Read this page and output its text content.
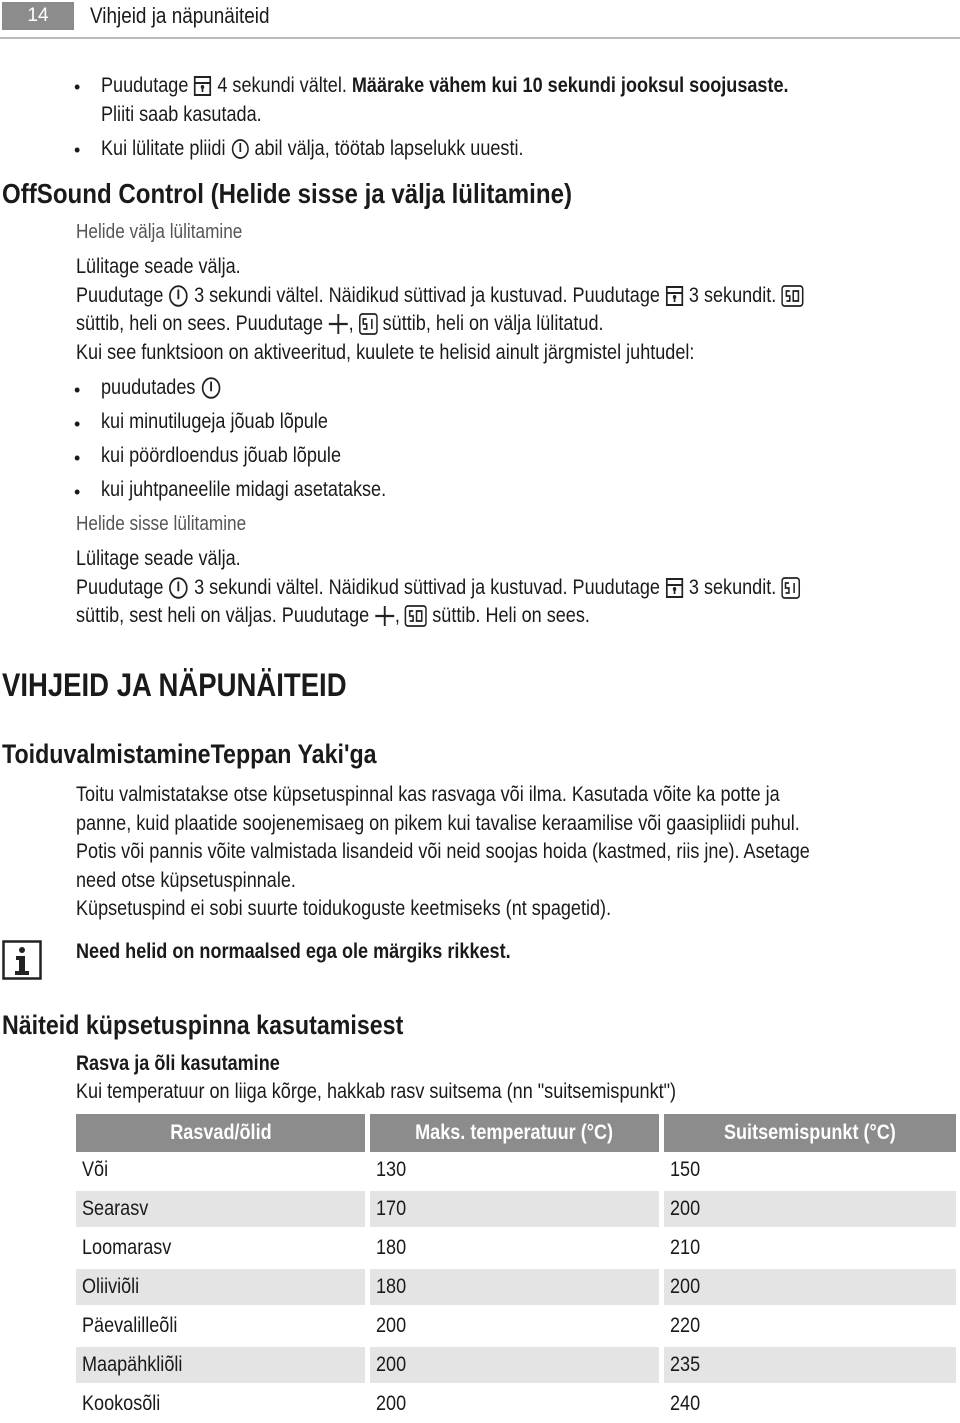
14	Vihjeid ja näpunäiteid
• Puudutage 4 sekundi vältel. Määrake vähem kui 10 sekundi jooksul soojusaste.
Pliiti saab kasutada.
• Kui lülitate pliidi abil välja, töötab lapselukk uuesti.
OffSound Control (Helide sisse ja välja lülitamine)
Helide välja lülitamine
Lülitage seade välja.
Puudutage 3 sekundi vältel. Näidikud süttivad ja kustuvad. Puudutage 3 sekundit.
süttib, heli on sees. Puudutage , süttib, heli on välja lülitatud.
Kui see funktsioon on aktiveeritud, kuulete te helisid ainult järgmistel juhtudel:
• puudutades
• kui minutilugeja jõuab lõpule
• kui pöördloendus jõuab lõpule
• kui juhtpaneelile midagi asetatakse.
Helide sisse lülitamine
Lülitage seade välja.
Puudutage 3 sekundi vältel. Näidikud süttivad ja kustuvad. Puudutage 3 sekundit.
süttib, sest heli on väljas. Puudutage , süttib. Heli on sees.
VIHJEID JA NÄPUNÄITEID
ToiduvalmistamineTeppan Yaki'ga
Toitu valmistatakse otse küpsetuspinnal kas rasvaga või ilma. Kasutada võite ka potte ja
panne, kuid plaatide soojenemisaeg on pikem kui tavalise keraamilise või gaasipliidi puhul.
Potis või pannis võite valmistada lisandeid või neid soojas hoida (kastmed, riis jne). Asetage
need otse küpsetuspinnale.
Küpsetuspind ei sobi suurte toidukoguste keetmiseks (nt spagetid).
Need helid on normaalsed ega ole märgiks rikkest.
Näiteid küpsetuspinna kasutamisest
Rasva ja õli kasutamine
Kui temperatuur on liiga kõrge, hakkab rasv suitsema (nn "suitsemispunkt")
Rasvad/õlid	Maks. temperatuur (°C)	Suitsemispunkt (°C)
Või	130	150
Searasv	170	200
Loomarasv	180	210
Oliiviõli	180	200
Päevalilleõli	200	220
Maapähkliõli	200	235
Kookosõli	200	240
